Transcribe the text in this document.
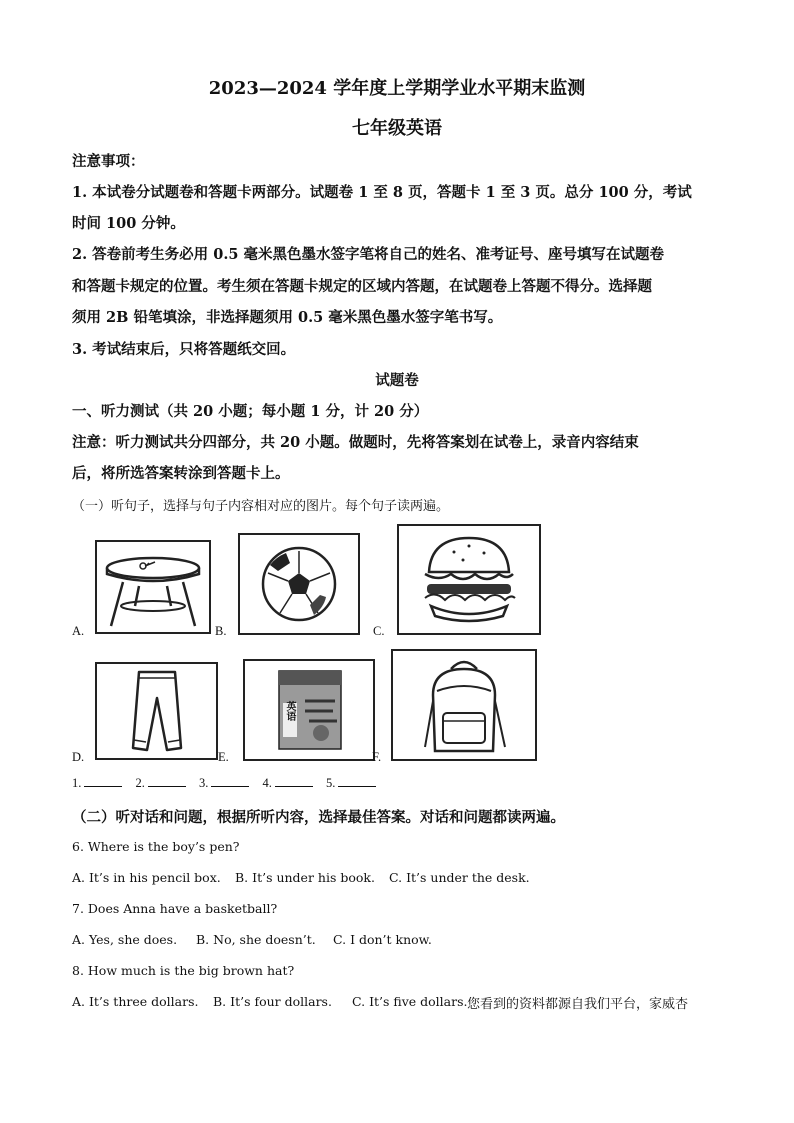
2023—2024 学年度上学期学业水平期末监测
七年级英语
注意事项：
1. 本试卷分试题卷和答题卡两部分。试题卷 1 至 8 页，答题卡 1 至 3 页。总分 100 分，考试
时间 100 分钟。
2. 答卷前考生务必用 0.5 毫米黑色墨水签字笔将自己的姓名、准考证号、座号填写在试题卷
和答题卡规定的位置。考生须在答题卡规定的区域内答题，在试题卷上答题不得分。选择题
须用 2B 铅笔填涂，非选择题须用 0.5 毫米黑色墨水签字笔书写。
3. 考试结束后，只将答题纸交回。
试题卷
一、听力测试（共 20 小题；每小题 1 分，计 20 分）
注意：听力测试共分四部分，共 20 小题。做题时，先将答案划在试卷上，录音内容结束
后，将所选答案转涂到答题卡上。
（一）听句子，选择与句子内容相对应的图片。每个句子读两遍。
A.	B.	C.
D.	E.
英语
F.
1.	2.	3.	4.	5.
（二）听对话和问题，根据所听内容，选择最佳答案。对话和问题都读两遍。
6. Where is the boy’s pen?
A. It’s in his pencil box. B. It’s under his book. C. It’s under the desk.
7. Does Anna have a basketball?
A. Yes, she does. B. No, she doesn’t. C. I don’t know.
8. How much is the big brown hat?
A. It’s three dollars. B. It’s four dollars. C. It’s five dollars. 您看到的资料都源自我们平台，家威杏
